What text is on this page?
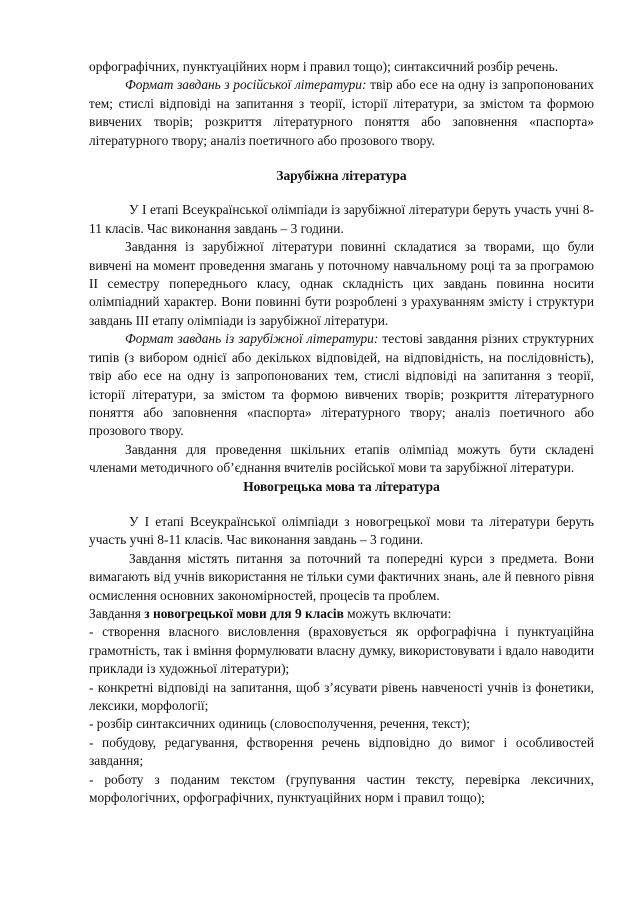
орфографічних, пунктуаційних норм і правил тощо); синтаксичний розбір речень.

Формат завдань з російської літератури: твір або есе на одну із запропонованих тем; стислі відповіді на запитання з теорії, історії літератури, за змістом та формою вивчених творів; розкриття літературного поняття або заповнення «паспорта» літературного твору; аналіз поетичного або прозового твору.

Зарубіжна література

У І етапі Всеукраїнської олімпіади із зарубіжної літератури беруть участь учні 8-11 класів. Час виконання завдань – 3 години.

Завдання із зарубіжної літератури повинні складатися за творами, що були вивчені на момент проведення змагань у поточному навчальному році та за програмою ІІ семестру попереднього класу, однак складність цих завдань повинна носити олімпіадний характер. Вони повинні бути розроблені з урахуванням змісту і структури завдань ІІІ етапу олімпіади із зарубіжної літератури.

Формат завдань із зарубіжної літератури: тестові завдання різних структурних типів (з вибором однієї або декількох відповідей, на відповідність, на послідовність), твір або есе на одну із запропонованих тем, стислі відповіді на запитання з теорії, історії літератури, за змістом та формою вивчених творів; розкриття літературного поняття або заповнення «паспорта» літературного твору; аналіз поетичного або прозового твору.

Завдання для проведення шкільних етапів олімпіад можуть бути складені членами методичного об’єднання вчителів російської мови та зарубіжної літератури.

Новогрецька мова та література

У І етапі Всеукраїнської олімпіади з новогрецької мови та літератури беруть участь учні 8-11 класів. Час виконання завдань – 3 години.

Завдання містять питання за поточний та попередні курси з предмета. Вони вимагають від учнів використання не тільки суми фактичних знань, але й певного рівня осмислення основних закономірностей, процесів та проблем.

Завдання з новогрецької мови для 9 класів можуть включати:

- створення власного висловлення (враховується як орфографічна і пунктуаційна грамотність, так і вміння формулювати власну думку, використовувати і вдало наводити приклади із художньої літератури);

- конкретні відповіді на запитання, щоб з’ясувати рівень навченості учнів із фонетики, лексики, морфології;

- розбір синтаксичних одиниць (словосполучення, речення, текст);

- побудову, редагування, фстворення речень відповідно до вимог і особливостей завдання;

- роботу з поданим текстом (групування частин тексту, перевірка лексичних, морфологічних, орфографічних, пунктуаційних норм і правил тощо);
